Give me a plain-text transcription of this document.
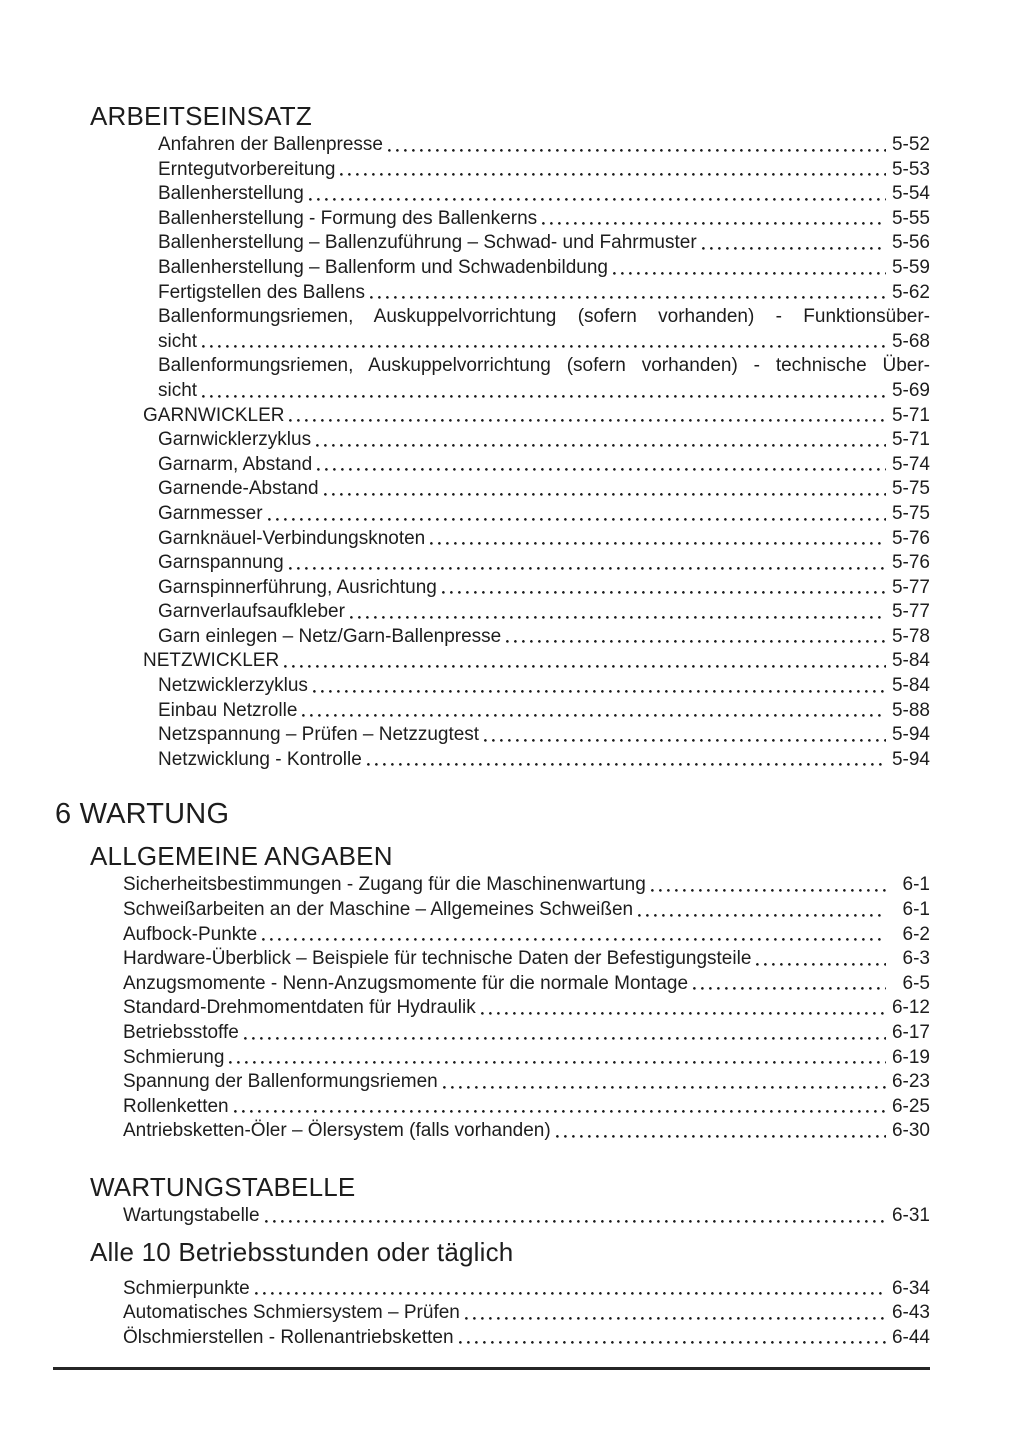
ARBEITSEINSATZ
Anfahren der Ballenpresse	5-52
Erntegutvorbereitung	5-53
Ballenherstellung	5-54
Ballenherstellung - Formung des Ballenkerns	5-55
Ballenherstellung – Ballenzuführung – Schwad- und Fahrmuster	5-56
Ballenherstellung – Ballenform und Schwadenbildung	5-59
Fertigstellen des Ballens	5-62
Ballenformungsriemen, Auskuppelvorrichtung (sofern vorhanden) - Funktionsüber-
sicht	5-68
Ballenformungsriemen, Auskuppelvorrichtung (sofern vorhanden) - technische Über-
sicht	5-69
GARNWICKLER	5-71
Garnwicklerzyklus	5-71
Garnarm, Abstand	5-74
Garnende-Abstand	5-75
Garnmesser	5-75
Garnknäuel-Verbindungsknoten	5-76
Garnspannung	5-76
Garnspinnerführung, Ausrichtung	5-77
Garnverlaufsaufkleber	5-77
Garn einlegen – Netz/Garn-Ballenpresse	5-78
NETZWICKLER	5-84
Netzwicklerzyklus	5-84
Einbau Netzrolle	5-88
Netzspannung – Prüfen – Netzzugtest	5-94
Netzwicklung - Kontrolle	5-94
6 WARTUNG
ALLGEMEINE ANGABEN
Sicherheitsbestimmungen - Zugang für die Maschinenwartung	6-1
Schweißarbeiten an der Maschine – Allgemeines Schweißen	6-1
Aufbock-Punkte	6-2
Hardware-Überblick – Beispiele für technische Daten der Befestigungsteile	6-3
Anzugsmomente - Nenn-Anzugsmomente für die normale Montage	6-5
Standard-Drehmomentdaten für Hydraulik	6-12
Betriebsstoffe	6-17
Schmierung	6-19
Spannung der Ballenformungsriemen	6-23
Rollenketten	6-25
Antriebsketten-Öler – Ölersystem (falls vorhanden)	6-30
WARTUNGSTABELLE
Wartungstabelle	6-31
Alle 10 Betriebsstunden oder täglich
Schmierpunkte	6-34
Automatisches Schmiersystem – Prüfen	6-43
Ölschmierstellen - Rollenantriebsketten	6-44
